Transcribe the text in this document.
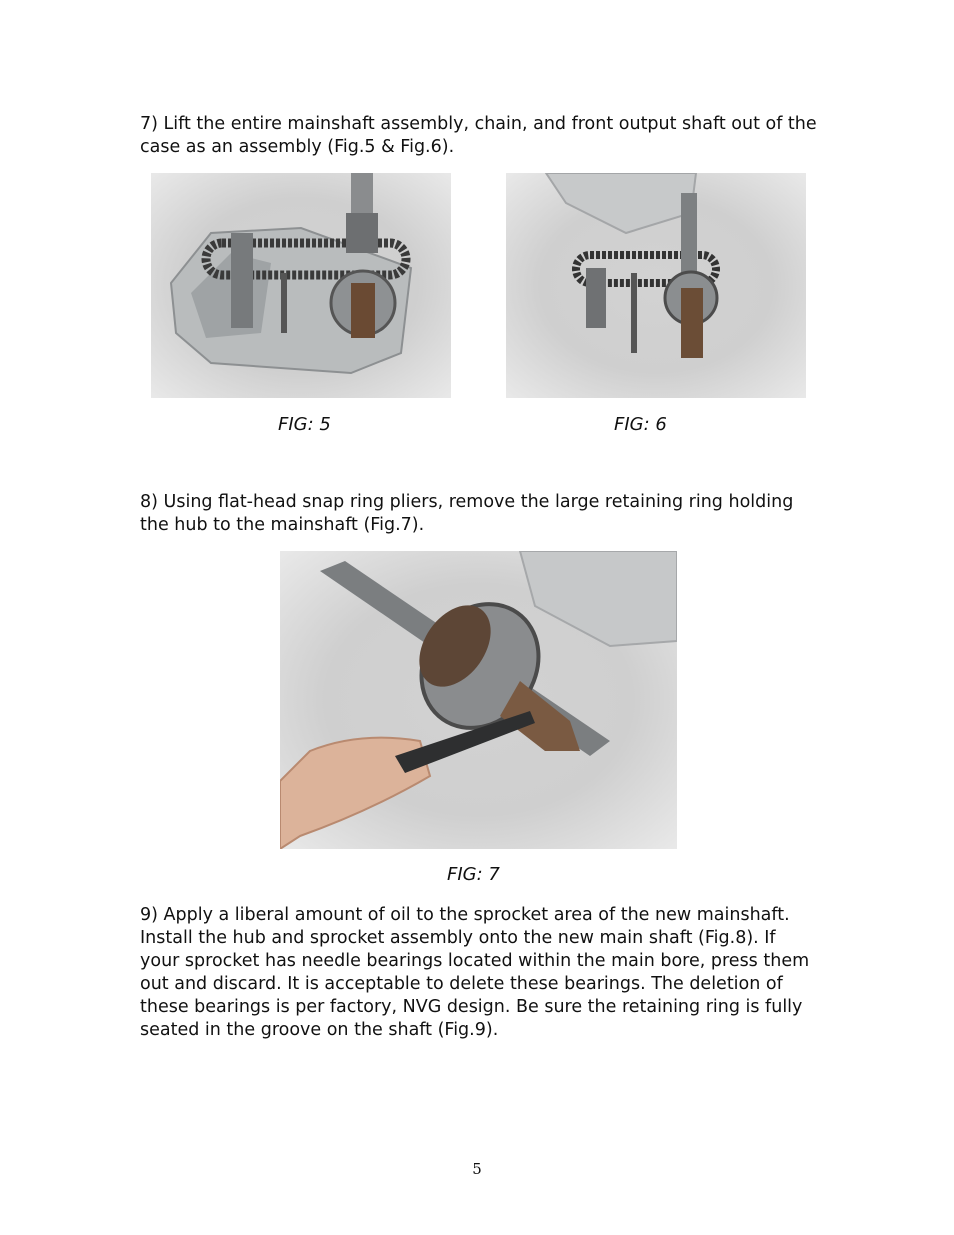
7) Lift the entire mainshaft assembly, chain, and front output shaft out of the case as an assembly (Fig.5 & Fig.6).

FIG: 5	FIG: 6

8) Using flat-head snap ring pliers, remove the large retaining ring holding the hub to the mainshaft (Fig.7).

FIG: 7

9) Apply a liberal amount of oil to the sprocket area of the new mainshaft. Install the hub and sprocket assembly onto the new main shaft (Fig.8). If your sprocket has needle bearings located within the main bore, press them out and discard. It is acceptable to delete these bearings. The deletion of these bearings is per factory, NVG design. Be sure the retaining ring is fully seated in the groove on the shaft (Fig.9).

5
